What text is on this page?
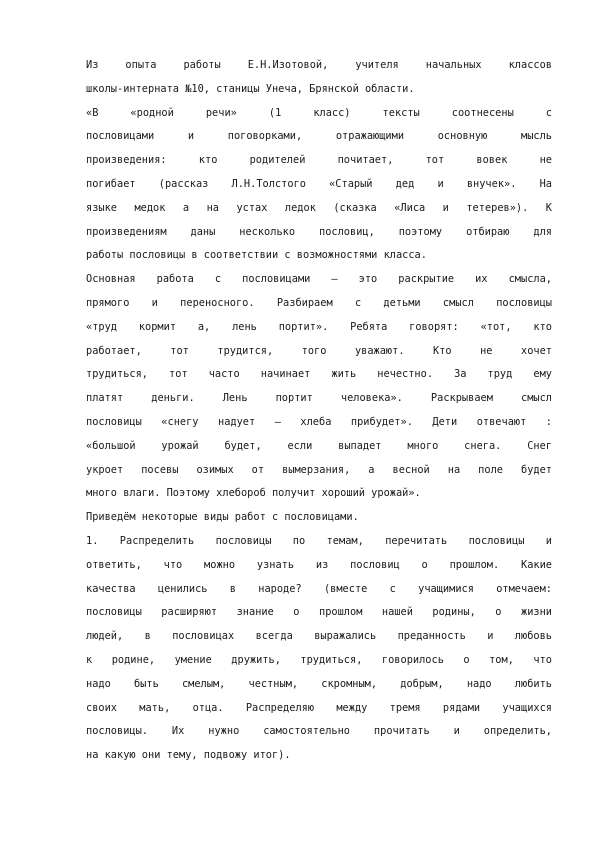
Из опыта работы Е.Н.Изотовой, учителя начальных классов
школы-интерната №10, станицы Унеча, Брянской области.
«В «родной речи» (1 класс) тексты соотнесены с
пословицами и поговорками, отражающими основную мысль
произведения: кто родителей почитает, тот вовек не
погибает (рассказ Л.Н.Толстого «Старый дед и внучек». На
языке медок а на устах ледок (сказка «Лиса и тетерев»). К
произведениям даны несколько пословиц, поэтому отбираю для
работы пословицы в соответствии с возможностями класса.
Основная работа с пословицами – это раскрытие их смысла,
прямого и переносного. Разбираем с детьми смысл пословицы
«труд кормит а, лень портит». Ребята говорят: «тот, кто
работает, тот трудится, того уважают. Кто не хочет
трудиться, тот часто начинает жить нечестно. За труд ему
платят деньги. Лень портит человека». Раскрываем смысл
пословицы «снегу надует – хлеба прибудет». Дети отвечают :
«большой урожай будет, если выпадет много снега. Снег
укроет посевы озимых от вымерзания, а весной на поле будет
много влаги. Поэтому хлебороб получит хороший урожай».
Приведём некоторые виды работ с пословицами.
1. Распределить пословицы по темам, перечитать пословицы и
ответить, что можно узнать из пословиц о прошлом. Какие
качества ценились в народе? (вместе с учащимися отмечаем:
пословицы расширяют знание о прошлом нашей родины, о жизни
людей, в пословицах всегда выражались преданность и любовь
к родине, умение дружить, трудиться, говорилось о том, что
надо быть смелым, честным, скромным, добрым, надо любить
своих мать, отца. Распределяю между тремя рядами учащихся
пословицы. Их нужно самостоятельно прочитать и определить,
на какую они тему, подвожу итог).
